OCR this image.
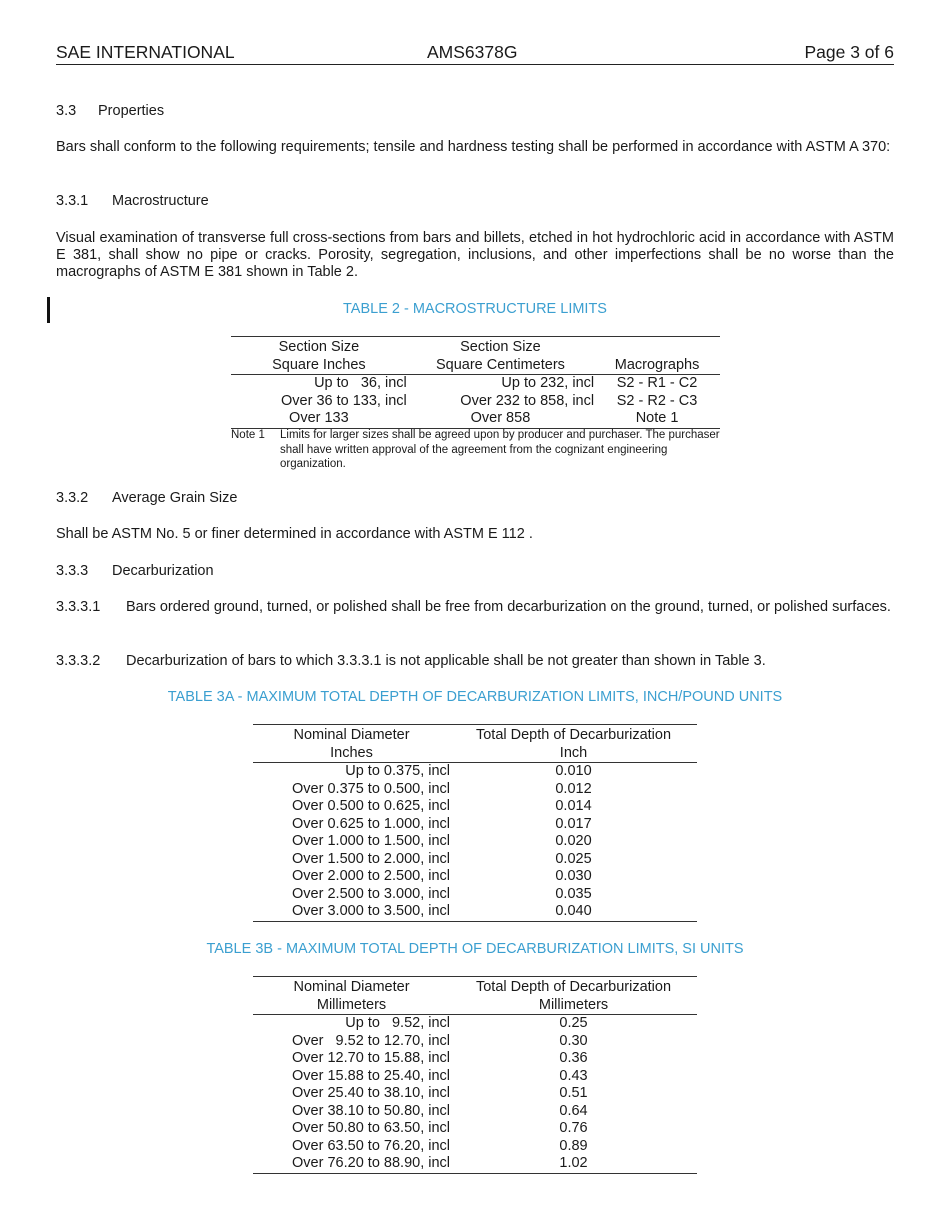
SAE INTERNATIONAL	AMS6378G	Page 3 of 6
3.3 Properties
Bars shall conform to the following requirements; tensile and hardness testing shall be performed in accordance with ASTM A 370:
3.3.1 Macrostructure
Visual examination of transverse full cross-sections from bars and billets, etched in hot hydrochloric acid in accordance with ASTM E 381, shall show no pipe or cracks. Porosity, segregation, inclusions, and other imperfections shall be no worse than the macrographs of ASTM E 381 shown in Table 2.
TABLE 2 - MACROSTRUCTURE LIMITS
Section Size	Section Size	
Square Inches	Square Centimeters	Macrographs
Up to   36, incl	Up to 232, incl	S2 - R1 - C2
Over 36 to 133, incl	Over 232 to 858, incl	S2 - R2 - C3
Over 133	Over 858	Note 1
Note 1 Limits for larger sizes shall be agreed upon by producer and purchaser. The purchaser shall have written approval of the agreement from the cognizant engineering organization.
3.3.2 Average Grain Size
Shall be ASTM No. 5 or finer determined in accordance with ASTM E 112 .
3.3.3 Decarburization
3.3.3.1 Bars ordered ground, turned, or polished shall be free from decarburization on the ground, turned, or polished surfaces.
3.3.3.2 Decarburization of bars to which 3.3.3.1 is not applicable shall be not greater than shown in Table 3.
TABLE 3A - MAXIMUM TOTAL DEPTH OF DECARBURIZATION LIMITS, INCH/POUND UNITS
Nominal Diameter	Total Depth of Decarburization
Inches	Inch
Up to 0.375, incl	0.010
Over 0.375 to 0.500, incl	0.012
Over 0.500 to 0.625, incl	0.014
Over 0.625 to 1.000, incl	0.017
Over 1.000 to 1.500, incl	0.020
Over 1.500 to 2.000, incl	0.025
Over 2.000 to 2.500, incl	0.030
Over 2.500 to 3.000, incl	0.035
Over 3.000 to 3.500, incl	0.040
TABLE 3B - MAXIMUM TOTAL DEPTH OF DECARBURIZATION LIMITS, SI UNITS
Nominal Diameter	Total Depth of Decarburization
Millimeters	Millimeters
Up to   9.52, incl	0.25
Over   9.52 to 12.70, incl	0.30
Over 12.70 to 15.88, incl	0.36
Over 15.88 to 25.40, incl	0.43
Over 25.40 to 38.10, incl	0.51
Over 38.10 to 50.80, incl	0.64
Over 50.80 to 63.50, incl	0.76
Over 63.50 to 76.20, incl	0.89
Over 76.20 to 88.90, incl	1.02
